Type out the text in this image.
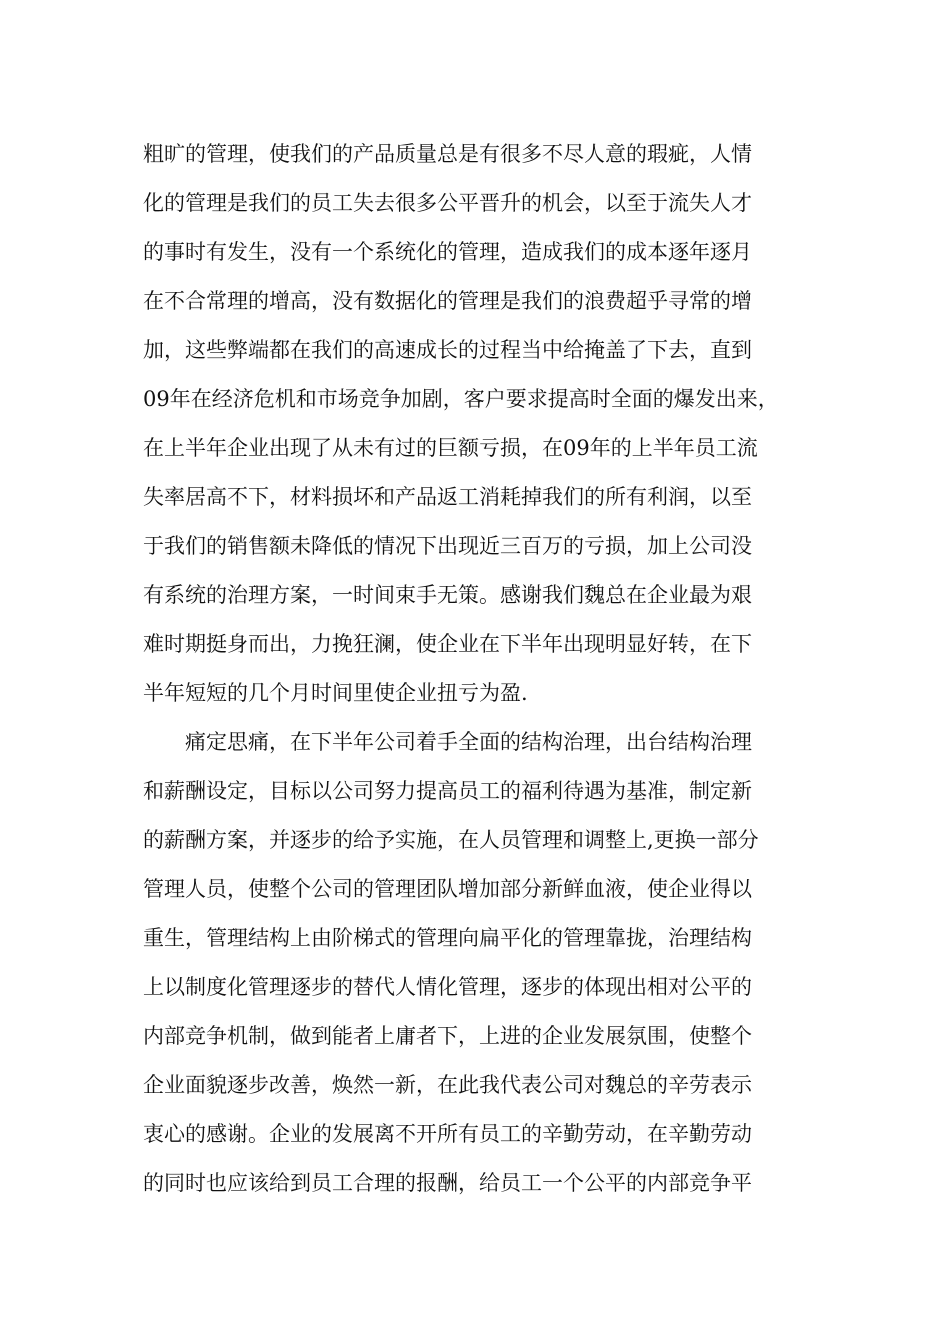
粗旷的管理，使我们的产品质量总是有很多不尽人意的瑕疵，人情

化的管理是我们的员工失去很多公平晋升的机会，以至于流失人才

的事时有发生，没有一个系统化的管理，造成我们的成本逐年逐月

在不合常理的增高，没有数据化的管理是我们的浪费超乎寻常的增

加，这些弊端都在我们的高速成长的过程当中给掩盖了下去，直到

09年在经济危机和市场竞争加剧，客户要求提高时全面的爆发出来，

在上半年企业出现了从未有过的巨额亏损，在09年的上半年员工流

失率居高不下，材料损坏和产品返工消耗掉我们的所有利润，以至

于我们的销售额未降低的情况下出现近三百万的亏损，加上公司没

有系统的治理方案，一时间束手无策。感谢我们魏总在企业最为艰

难时期挺身而出，力挽狂澜，使企业在下半年出现明显好转，在下

半年短短的几个月时间里使企业扭亏为盈.

痛定思痛，在下半年公司着手全面的结构治理，出台结构治理

和薪酬设定，目标以公司努力提高员工的福利待遇为基准，制定新

的薪酬方案，并逐步的给予实施，在人员管理和调整上,更换一部分

管理人员，使整个公司的管理团队增加部分新鲜血液，使企业得以

重生，管理结构上由阶梯式的管理向扁平化的管理靠拢，治理结构

上以制度化管理逐步的替代人情化管理，逐步的体现出相对公平的

内部竞争机制，做到能者上庸者下，上进的企业发展氛围，使整个

企业面貌逐步改善，焕然一新，在此我代表公司对魏总的辛劳表示

衷心的感谢。企业的发展离不开所有员工的辛勤劳动，在辛勤劳动

的同时也应该给到员工合理的报酬，给员工一个公平的内部竞争平
